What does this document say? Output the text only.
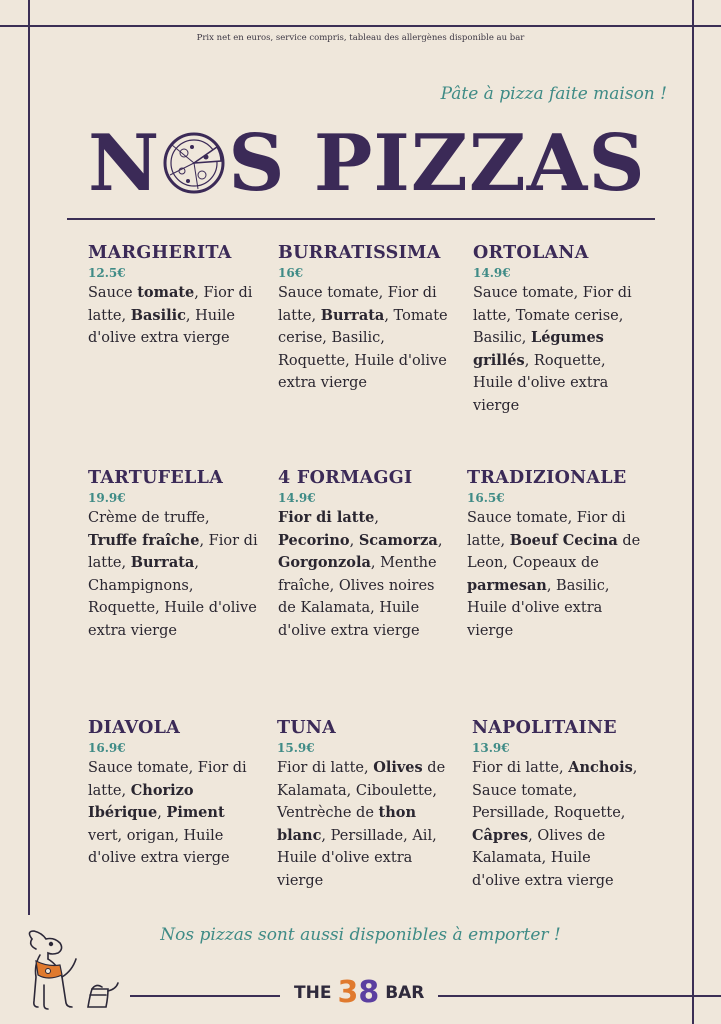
Prix net en euros, service compris, tableau des allergènes disponible au bar
Pâte à pizza faite maison !
N S PIZZAS
MARGHERITA
12.5€
Sauce tomate, Fior di latte, Basilic, Huile d'olive extra vierge
BURRATISSIMA
16€
Sauce tomate, Fior di latte, Burrata, Tomate cerise, Basilic, Roquette, Huile d'olive extra vierge
ORTOLANA
14.9€
Sauce tomate, Fior di latte, Tomate cerise, Basilic, Légumes grillés, Roquette, Huile d'olive extra vierge
TARTUFELLA
19.9€
Crème de truffe, Truffe fraîche, Fior di latte, Burrata, Champignons, Roquette, Huile d'olive extra vierge
4 FORMAGGI
14.9€
Fior di latte, Pecorino, Scamorza, Gorgonzola, Menthe fraîche, Olives noires de Kalamata, Huile d'olive extra vierge
TRADIZIONALE
16.5€
Sauce tomate, Fior di latte, Boeuf Cecina de Leon, Copeaux de parmesan, Basilic, Huile d'olive extra vierge
DIAVOLA
16.9€
Sauce tomate, Fior di latte, Chorizo Ibérique, Piment vert, origan, Huile d'olive extra vierge
TUNA
15.9€
Fior di latte, Olives de Kalamata, Ciboulette, Ventrèche de thon blanc, Persillade, Ail, Huile d'olive extra vierge
NAPOLITAINE
13.9€
Fior di latte, Anchois, Sauce tomate, Persillade, Roquette, Câpres, Olives de Kalamata, Huile d'olive extra vierge
Nos pizzas sont aussi disponibles à emporter !
THE 38 BAR
